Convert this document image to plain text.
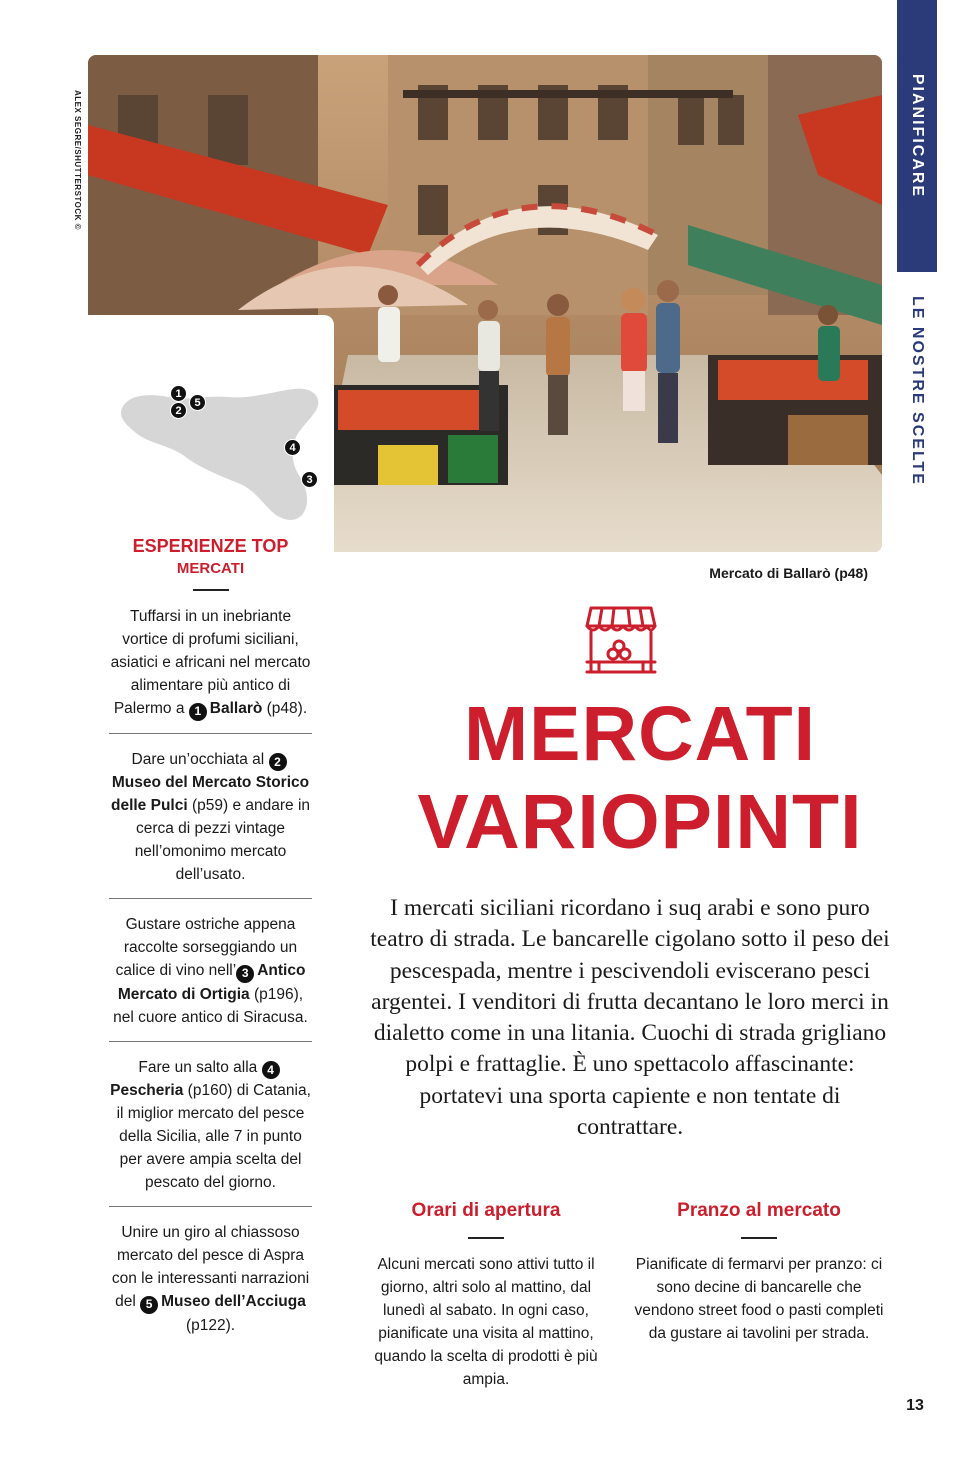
PIANIFICARE
LE NOSTRE SCELTE
ALEX SEGRE/SHUTTERSTOCK ©
1
2
5
4
3
Mercato di Ballarò (p48)
ESPERIENZE TOP
MERCATI
Tuffarsi in un inebriante vortice di profumi siciliani, asiatici e africani nel mercato alimentare più antico di Palermo a 1 Ballarò (p48).
Dare un’occhiata al 2Museo del Mercato Storico delle Pulci (p59) e andare in cerca di pezzi vintage nell’omonimo mercato dell’usato.
Gustare ostriche appena raccolte sorseggiando un calice di vino nell’ 3 Antico Mercato di Ortigia (p196), nel cuore antico di Siracusa.
Fare un salto alla 4Pescheria (p160) di Catania, il miglior mercato del pesce della Sicilia, alle 7 in punto per avere ampia scelta del pescato del giorno.
Unire un giro al chiassoso mercato del pesce di Aspra con le interessanti narrazioni del 5 Museo dell’Acciuga (p122).
MERCATI
VARIOPINTI
I mercati siciliani ricordano i suq arabi e sono puro teatro di strada. Le bancarelle cigolano sotto il peso dei pescespada, mentre i pescivendoli eviscerano pesci argentei. I venditori di frutta decantano le loro merci in dialetto come in una litania. Cuochi di strada grigliano polpi e frattaglie. È uno spettacolo affascinante: portatevi una sporta capiente e non tentate di contrattare.
Orari di apertura
Alcuni mercati sono attivi tutto il giorno, altri solo al mattino, dal lunedì al sabato. In ogni caso, pianificate una visita al mattino, quando la scelta di prodotti è più ampia.
Pranzo al mercato
Pianificate di fermarvi per pranzo: ci sono decine di bancarelle che vendono street food o pasti completi da gustare ai tavolini per strada.
13
